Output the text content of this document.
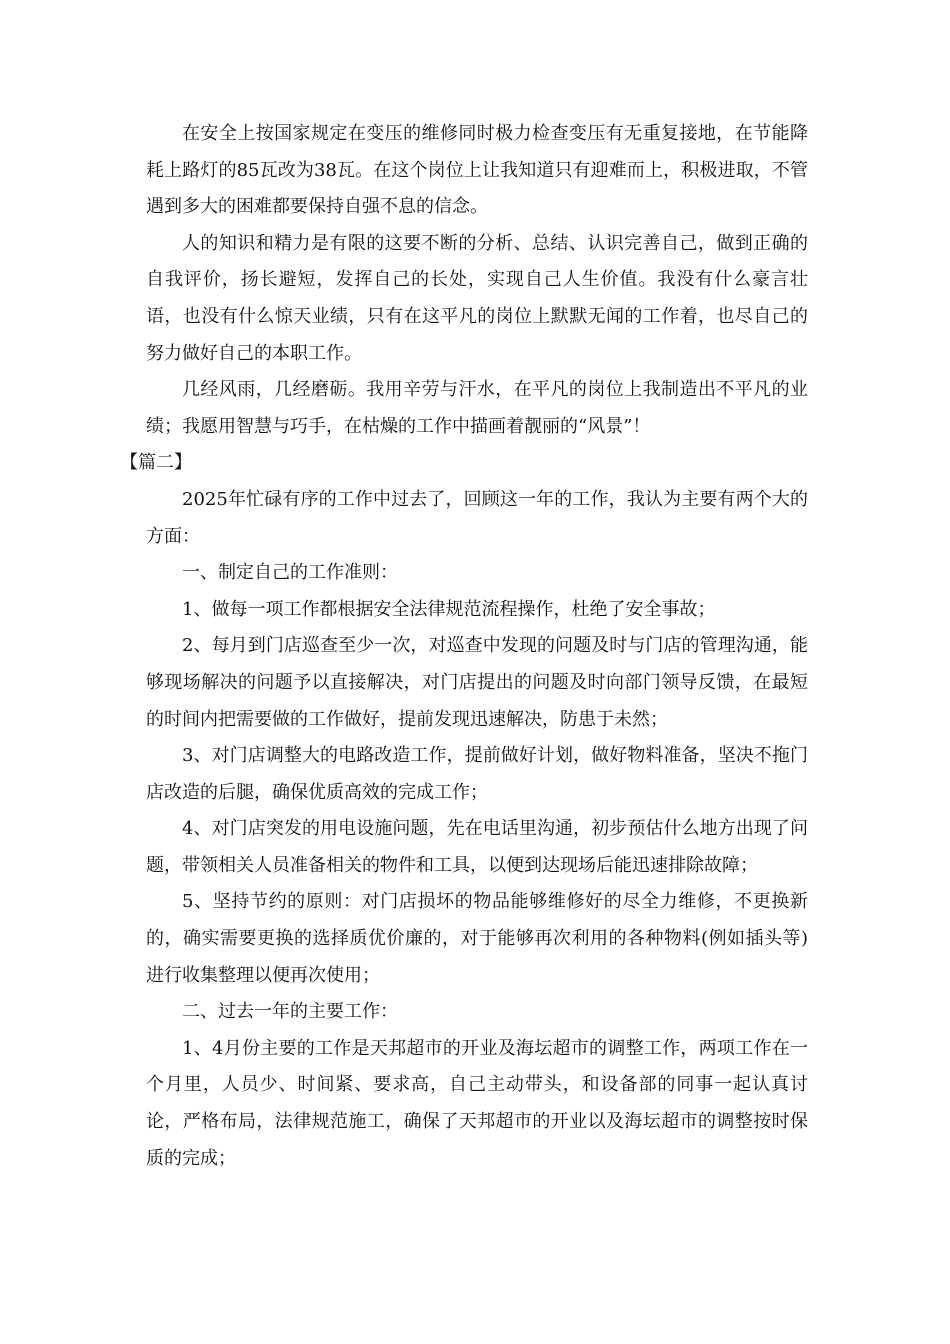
在安全上按国家规定在变压的维修同时极力检查变压有无重复接地，在节能降耗上路灯的85瓦改为38瓦。在这个岗位上让我知道只有迎难而上，积极进取，不管遇到多大的困难都要保持自强不息的信念。

人的知识和精力是有限的这要不断的分析、总结、认识完善自己，做到正确的自我评价，扬长避短，发挥自己的长处，实现自己人生价值。我没有什么豪言壮语，也没有什么惊天业绩，只有在这平凡的岗位上默默无闻的工作着，也尽自己的努力做好自己的本职工作。

几经风雨，几经磨砺。我用辛劳与汗水，在平凡的岗位上我制造出不平凡的业绩；我愿用智慧与巧手，在枯燥的工作中描画着靓丽的“风景”！

【篇二】

2025年忙碌有序的工作中过去了，回顾这一年的工作，我认为主要有两个大的方面：

一、制定自己的工作准则：

1、做每一项工作都根据安全法律规范流程操作，杜绝了安全事故；

2、每月到门店巡查至少一次，对巡查中发现的问题及时与门店的管理沟通，能够现场解决的问题予以直接解决，对门店提出的问题及时向部门领导反馈，在最短的时间内把需要做的工作做好，提前发现迅速解决，防患于未然；

3、对门店调整大的电路改造工作，提前做好计划，做好物料准备，坚决不拖门店改造的后腿，确保优质高效的完成工作；

4、对门店突发的用电设施问题，先在电话里沟通，初步预估什么地方出现了问题，带领相关人员准备相关的物件和工具，以便到达现场后能迅速排除故障；

5、坚持节约的原则：对门店损坏的物品能够维修好的尽全力维修，不更换新的，确实需要更换的选择质优价廉的，对于能够再次利用的各种物料(例如插头等)进行收集整理以便再次使用；

二、过去一年的主要工作：

1、4月份主要的工作是天邦超市的开业及海坛超市的调整工作，两项工作在一个月里，人员少、时间紧、要求高，自己主动带头，和设备部的同事一起认真讨论，严格布局，法律规范施工，确保了天邦超市的开业以及海坛超市的调整按时保质的完成；
